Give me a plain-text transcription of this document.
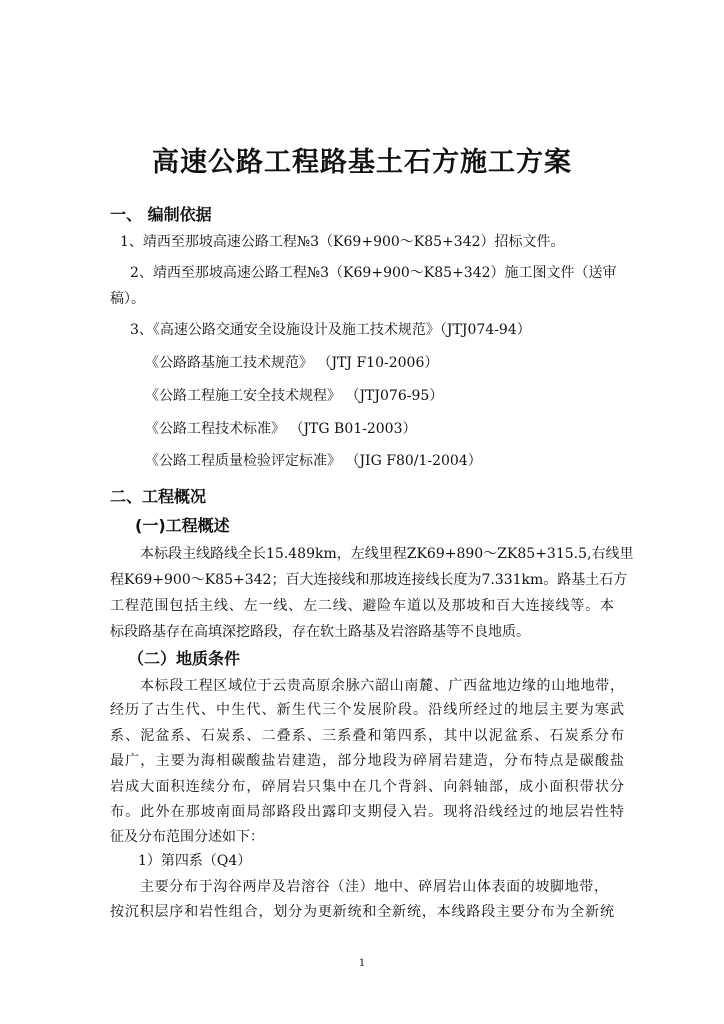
高速公路工程路基土石方施工方案
一、 编制依据
1、靖西至那坡高速公路工程№3（K69+900～K85+342）招标文件。
2、靖西至那坡高速公路工程№3（K69+900～K85+342）施工图文件（送审
稿）。
3、《高速公路交通安全设施设计及施工技术规范》（JTJ074-94）
《公路路基施工技术规范》 （JTJ F10-2006）
《公路工程施工安全技术规程》 （JTJ076-95）
《公路工程技术标准》 （JTG B01-2003）
《公路工程质量检验评定标准》 （JIG F80/1-2004）
二、工程概况
(一)工程概述
本标段主线路线全长15.489km，左线里程ZK69+890～ZK85+315.5,右线里
程K69+900～K85+342；百大连接线和那坡连接线长度为7.331km。路基土石方
工程范围包括主线、左一线、左二线、避险车道以及那坡和百大连接线等。本
标段路基存在高填深挖路段，存在软土路基及岩溶路基等不良地质。
（二）地质条件
本标段工程区域位于云贵高原余脉六韶山南麓、广西盆地边缘的山地地带，
经历了古生代、中生代、新生代三个发展阶段。沿线所经过的地层主要为寒武
系、泥盆系、石炭系、二叠系、三系叠和第四系，其中以泥盆系、石炭系分布
最广，主要为海相碳酸盐岩建造，部分地段为碎屑岩建造，分布特点是碳酸盐
岩成大面积连续分布，碎屑岩只集中在几个背斜、向斜轴部，成小面积带状分
布。此外在那坡南面局部路段出露印支期侵入岩。现将沿线经过的地层岩性特
征及分布范围分述如下：
1）第四系（Q4）
主要分布于沟谷两岸及岩溶谷（洼）地中、碎屑岩山体表面的坡脚地带，
按沉积层序和岩性组合，划分为更新统和全新统，本线路段主要分布为全新统
1
